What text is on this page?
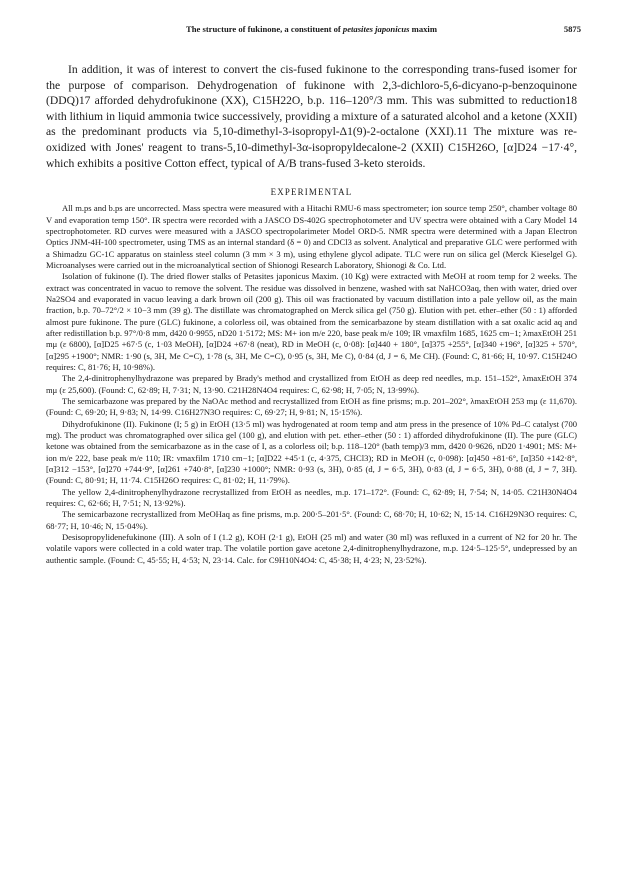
The structure of fukinone, a constituent of petasites japonicus maxim	5875

In addition, it was of interest to convert the cis-fused fukinone to the corresponding trans-fused isomer for the purpose of comparison. Dehydrogenation of fukinone with 2,3-dichloro-5,6-dicyano-p-benzoquinone (DDQ)17 afforded dehydrofukinone (XX), C15H22O, b.p. 116–120°/3 mm. This was submitted to reduction18 with lithium in liquid ammonia twice successively, providing a mixture of a saturated alcohol and a ketone (XXII) as the predominant products via 5,10-dimethyl-3-isopropyl-Δ1(9)-2-octalone (XXI).11 The mixture was re-oxidized with Jones' reagent to trans-5,10-dimethyl-3α-isopropyldecalone-2 (XXII) C15H26O, [α]D24 −17·4°, which exhibits a positive Cotton effect, typical of A/B trans-fused 3-keto steroids.

EXPERIMENTAL

All m.ps and b.ps are uncorrected. Mass spectra were measured with a Hitachi RMU-6 mass spectrometer; ion source temp 250°, chamber voltage 80 V and evaporation temp 150°. IR spectra were recorded with a JASCO DS-402G spectrophotometer and UV spectra were obtained with a Cary Model 14 spectrophotometer. RD curves were measured with a JASCO spectropolarimeter Model ORD-5. NMR spectra were determined with a Japan Electron Optics JNM-4H-100 spectrometer, using TMS as an internal standard (δ = 0) and CDCl3 as solvent. Analytical and preparative GLC were performed with a Shimadzu GC-1C apparatus on stainless steel column (3 mm × 3 m), using ethylene glycol adipate. TLC were run on silica gel (Merck Kieselgel G). Microanalyses were carried out in the microanalytical section of Shionogi Research Laboratory, Shionogi & Co. Ltd.

Isolation of fukinone (I). The dried flower stalks of Petasites japonicus Maxim. (10 Kg) were extracted with MeOH at room temp for 2 weeks. The extract was concentrated in vacuo to remove the solvent. The residue was dissolved in benzene, washed with sat NaHCO3aq, then with water, dried over Na2SO4 and evaporated in vacuo leaving a dark brown oil (200 g). This oil was fractionated by vacuum distillation into a pale yellow oil, as the main fraction, b.p. 70–72°/2 × 10−3 mm (39 g). The distillate was chromatographed on Merck silica gel (750 g). Elution with pet. ether–ether (50 : 1) afforded almost pure fukinone. The pure (GLC) fukinone, a colorless oil, was obtained from the semicarbazone by steam distillation with a sat oxalic acid aq and after redistillation b.p. 97°/0·8 mm, d420 0·9955, nD20 1·5172; MS: M+ ion m/e 220, base peak m/e 109; IR νmaxfilm 1685, 1625 cm−1; λmaxEtOH 251 mμ (ε 6800), [α]D25 +67·5 (c, 1·03 MeOH), [α]D24 +67·8 (neat), RD in MeOH (c, 0·08): [α]440 + 180°, [α]375 +255°, [α]340 +196°, [α]325 + 570°, [α]295 +1900°; NMR: 1·90 (s, 3H, Me C=C), 1·78 (s, 3H, Me C=C), 0·95 (s, 3H, Me C), 0·84 (d, J = 6, Me CH). (Found: C, 81·66; H, 10·97. C15H24O requires: C, 81·76; H, 10·98%).

The 2,4-dinitrophenylhydrazone was prepared by Brady's method and crystallized from EtOH as deep red needles, m.p. 151–152°, λmaxEtOH 374 mμ (ε 25,600). (Found: C, 62·89; H, 7·31; N, 13·90. C21H28N4O4 requires: C, 62·98; H, 7·05; N, 13·99%).

The semicarbazone was prepared by the NaOAc method and recrystallized from EtOH as fine prisms; m.p. 201–202°, λmaxEtOH 253 mμ (ε 11,670). (Found: C, 69·20; H, 9·83; N, 14·99. C16H27N3O requires: C, 69·27; H, 9·81; N, 15·15%).

Dihydrofukinone (II). Fukinone (I; 5 g) in EtOH (13·5 ml) was hydrogenated at room temp and atm press in the presence of 10% Pd–C catalyst (700 mg). The product was chromatographed over silica gel (100 g), and elution with pet. ether–ether (50 : 1) afforded dihydrofukinone (II). The pure (GLC) ketone was obtained from the semicarbazone as in the case of I, as a colorless oil; b.p. 118–120° (bath temp)/3 mm, d420 0·9626, nD20 1·4901; MS: M+ ion m/e 222, base peak m/e 110; IR: νmaxfilm 1710 cm−1; [α]D22 +45·1 (c, 4·375, CHCl3); RD in MeOH (c, 0·098): [α]450 +81·6°, [α]350 +142·8°, [α]312 −153°, [α]270 +744·9°, [α]261 +740·8°, [α]230 +1000°; NMR: 0·93 (s, 3H), 0·85 (d, J = 6·5, 3H), 0·83 (d, J = 6·5, 3H), 0·88 (d, J = 7, 3H). (Found: C, 80·91; H, 11·74. C15H26O requires: C, 81·02; H, 11·79%).

The yellow 2,4-dinitrophenylhydrazone recrystallized from EtOH as needles, m.p. 171–172°. (Found: C, 62·89; H, 7·54; N, 14·05. C21H30N4O4 requires: C, 62·66; H, 7·51; N, 13·92%).

The semicarbazone recrystallized from MeOHaq as fine prisms, m.p. 200·5–201·5°. (Found: C, 68·70; H, 10·62; N, 15·14. C16H29N3O requires: C, 68·77; H, 10·46; N, 15·04%).

Desisopropylidenefukinone (III). A soln of I (1.2 g), KOH (2·1 g), EtOH (25 ml) and water (30 ml) was refluxed in a current of N2 for 20 hr. The volatile vapors were collected in a cold water trap. The volatile portion gave acetone 2,4-dinitrophenylhydrazone, m.p. 124·5–125·5°, undepressed by an authentic sample. (Found: C, 45·55; H, 4·53; N, 23·14. Calc. for C9H10N4O4: C, 45·38; H, 4·23; N, 23·52%).
